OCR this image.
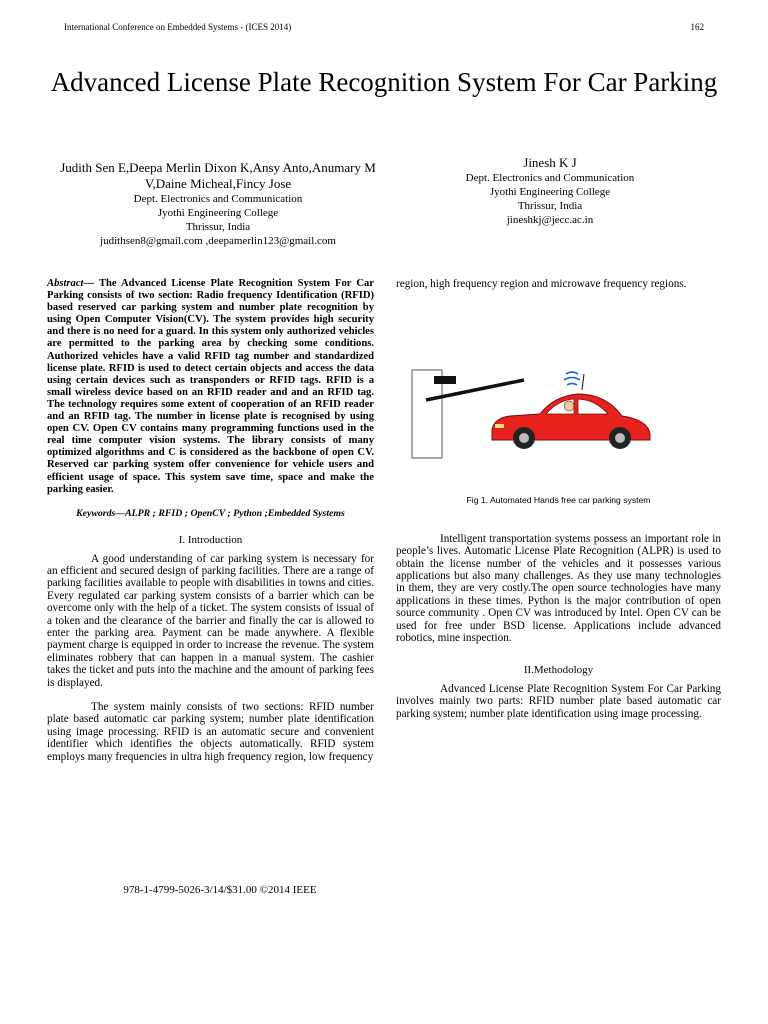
International Conference on Embedded Systems - (ICES 2014)	162
Advanced License Plate Recognition System For Car Parking
Judith Sen E,Deepa Merlin Dixon K,Ansy Anto,Anumary M V,Daine Micheal,Fincy Jose
Dept. Electronics and Communication
Jyothi Engineering College
Thrissur, India
judithsen8@gmail.com ,deepamerlin123@gmail.com
Jinesh K J
Dept. Electronics and Communication
Jyothi Engineering College
Thrissur, India
jineshkj@jecc.ac.in

Abstract— The Advanced License Plate Recognition System For Car Parking consists of two section: Radio frequency Identification (RFID) based reserved car parking system and number plate recognition by using Open Computer Vision(CV). The system provides high security and there is no need for a guard. In this system only authorized vehicles are permitted to the parking area by checking some conditions. Authorized vehicles have a valid RFID tag number and standardized license plate. RFID is used to detect certain objects and access the data using certain devices such as transponders or RFID tags. RFID is a small wireless device based on an RFID reader and and an RFID tag. The technology requires some extent of cooperation of an RFID reader and an RFID tag. The number in license plate is recognised by using open CV. Open CV contains many programming functions used in the real time computer vision systems. The library consists of many optimized algorithms and C is considered as the backbone of open CV. Reserved car parking system offer convenience for vehicle users and efficient usage of space. This system save time, space and make the parking easier.

Keywords—ALPR ; RFID ; OpenCV ; Python ;Embedded Systems

I. Introduction

A good understanding of car parking system is necessary for an efficient and secured design of parking facilities. There are a range of parking facilities available to people with disabilities in towns and cities. Every regulated car parking system consists of a barrier which can be overcome only with the help of a ticket. The system consists of issual of a token and the clearance of the barrier and finally the car is allowed to enter the parking area. Payment can be made anywhere. A flexible payment charge is equipped in order to increase the revenue. The system eliminates robbery that can happen in a manual system. The cashier takes the ticket and puts into the machine and the amount of parking fees is displayed.

The system mainly consists of two sections: RFID number plate based automatic car parking system; number plate identification using image processing. RFID is an automatic secure and convenient identifier which identifies the objects automatically. RFID system employs many frequencies in ultra high frequency region, low frequency

region, high frequency region and microwave frequency regions.

Fig 1. Automated Hands free car parking system

Intelligent transportation systems possess an important role in people’s lives. Automatic License Plate Recognition (ALPR) is used to obtain the license number of the vehicles and it possesses various applications but also many challenges. As they use many technologies in them, they are very costly.The open source technologies have many applications in these times. Python is the major contribution of open source community . Open CV was introduced by Intel. Open CV can be used for free under BSD license. Applications include advanced robotics, mine inspection.

II.Methodology

Advanced License Plate Recognition System For Car Parking involves mainly two parts: RFID number plate based automatic car parking system; number plate identification using image processing.

978-1-4799-5026-3/14/$31.00 ©2014 IEEE
